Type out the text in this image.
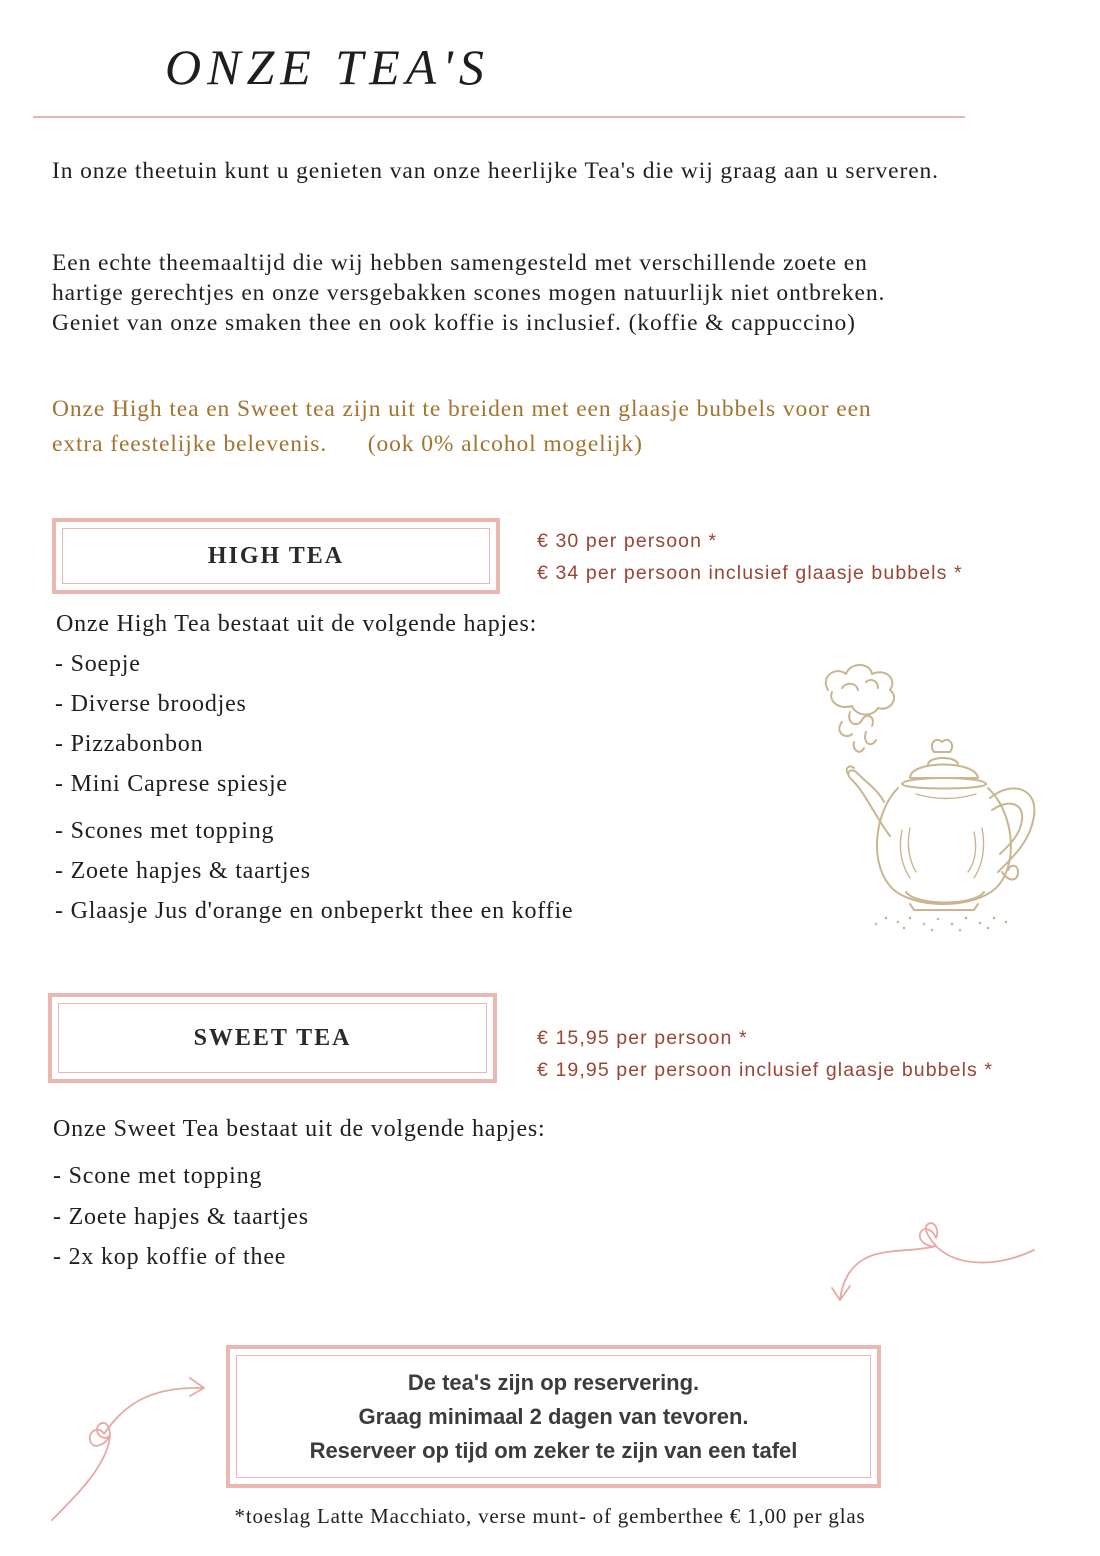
ONZE TEA'S

In onze theetuin kunt u genieten van onze heerlijke Tea's die wij graag aan u serveren.

Een echte theemaaltijd die wij hebben samengesteld met verschillende zoete en
hartige gerechtjes en onze versgebakken scones mogen natuurlijk niet ontbreken.
Geniet van onze smaken thee en ook koffie is inclusief. (koffie & cappuccino)
Onze High tea en Sweet tea zijn uit te breiden met een glaasje bubbels voor een
extra feestelijke belevenis.      (ook 0% alcohol mogelijk)
HIGH TEA
€ 30 per persoon *
€ 34 per persoon inclusief glaasje bubbels *
Onze High Tea bestaat uit de volgende hapjes:
- Soepje
- Diverse broodjes
- Pizzabonbon
- Mini Caprese spiesje
- Scones met topping
- Zoete hapjes & taartjes
- Glaasje Jus d'orange en onbeperkt thee en koffie
SWEET TEA	€ 15,95 per persoon *
€ 19,95 per persoon inclusief glaasje bubbels *
Onze Sweet Tea bestaat uit de volgende hapjes:
- Scone met topping
- Zoete hapjes & taartjes
- 2x kop koffie of thee
De tea's zijn op reservering.
Graag minimaal 2 dagen van tevoren.
Reserveer op tijd om zeker te zijn van een tafel
*toeslag Latte Macchiato, verse munt- of gemberthee € 1,00 per glas
